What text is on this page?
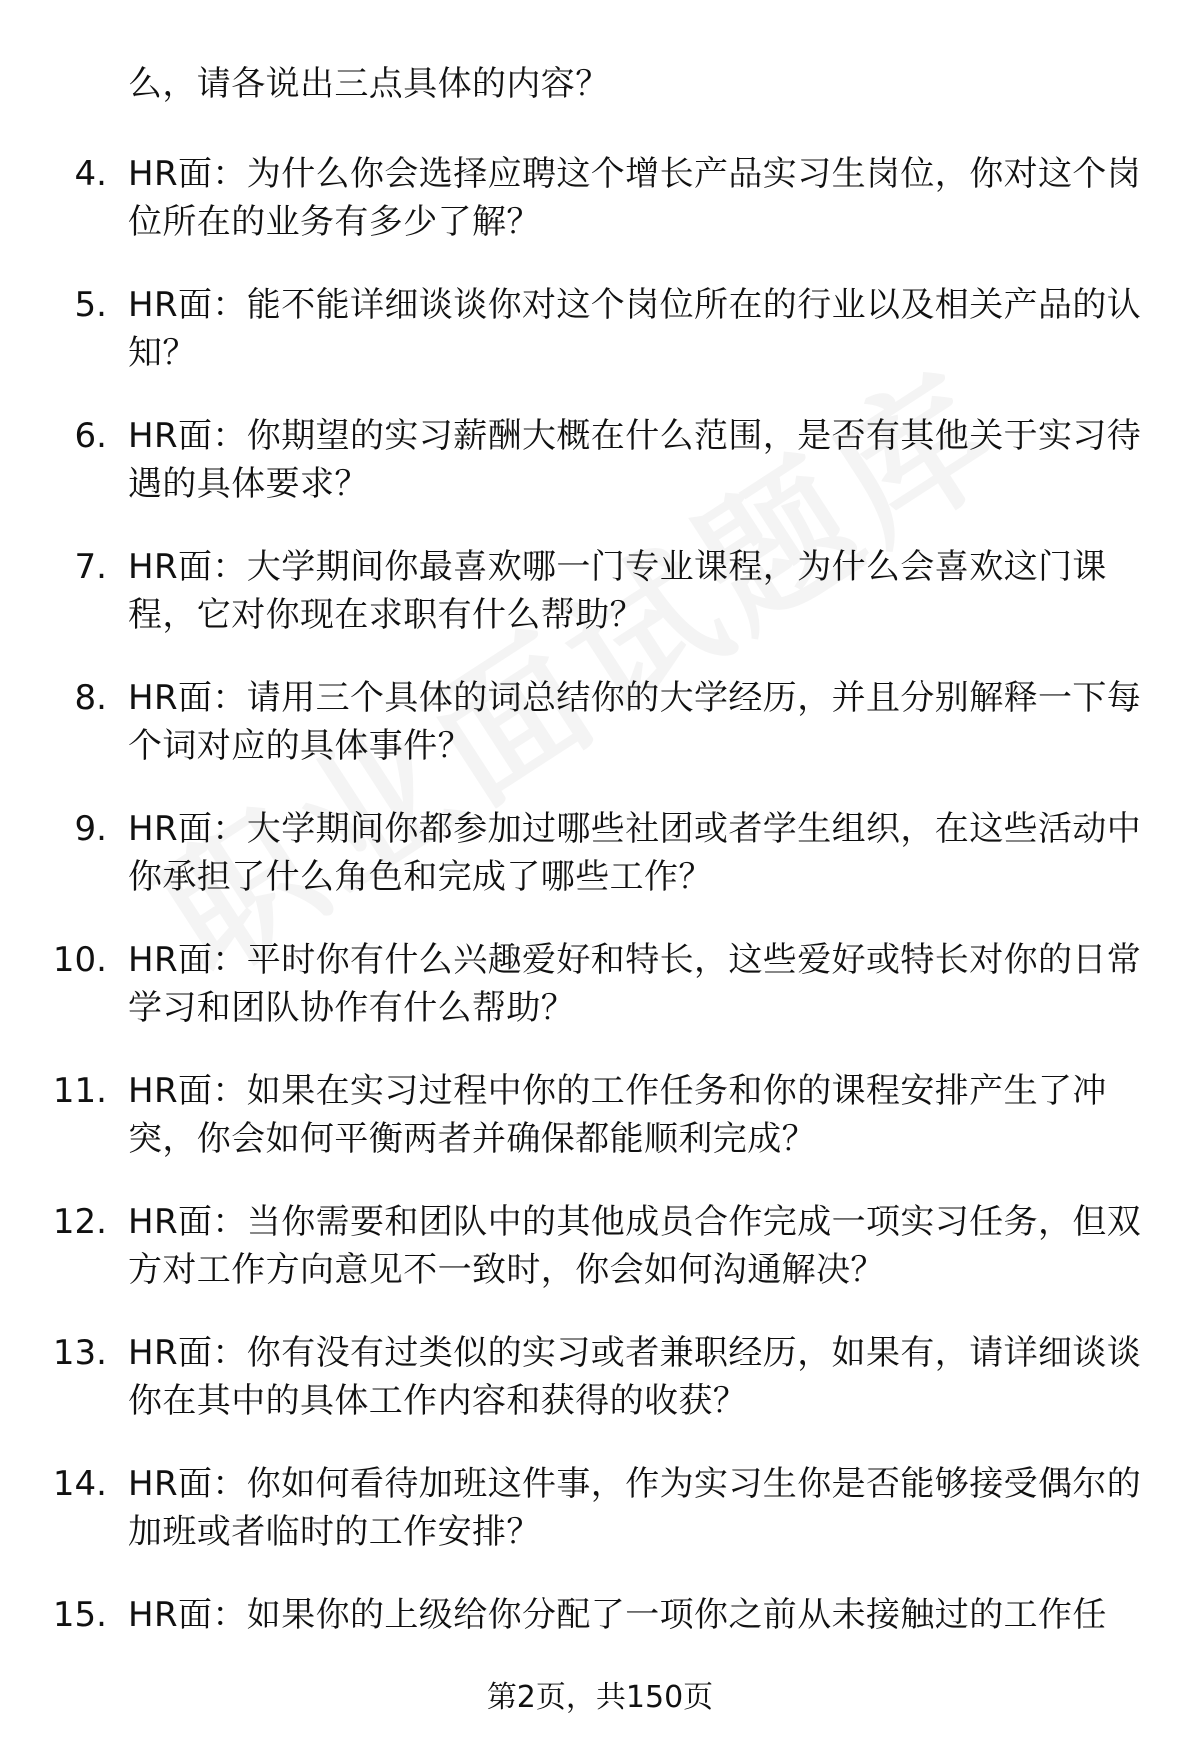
么，请各说出三点具体的内容？
4. HR面：为什么你会选择应聘这个增长产品实习生岗位，你对这个岗位所在的业务有多少了解？
5. HR面：能不能详细谈谈你对这个岗位所在的行业以及相关产品的认知？
6. HR面：你期望的实习薪酬大概在什么范围，是否有其他关于实习待遇的具体要求？
7. HR面：大学期间你最喜欢哪一门专业课程，为什么会喜欢这门课程，它对你现在求职有什么帮助？
8. HR面：请用三个具体的词总结你的大学经历，并且分别解释一下每个词对应的具体事件？
9. HR面：大学期间你都参加过哪些社团或者学生组织，在这些活动中你承担了什么角色和完成了哪些工作？
10. HR面：平时你有什么兴趣爱好和特长，这些爱好或特长对你的日常学习和团队协作有什么帮助？
11. HR面：如果在实习过程中你的工作任务和你的课程安排产生了冲突，你会如何平衡两者并确保都能顺利完成？
12. HR面：当你需要和团队中的其他成员合作完成一项实习任务，但双方对工作方向意见不一致时，你会如何沟通解决？
13. HR面：你有没有过类似的实习或者兼职经历，如果有，请详细谈谈你在其中的具体工作内容和获得的收获？
14. HR面：你如何看待加班这件事，作为实习生你是否能够接受偶尔的加班或者临时的工作安排？
15. HR面：如果你的上级给你分配了一项你之前从未接触过的工作任
第2页，共150页
